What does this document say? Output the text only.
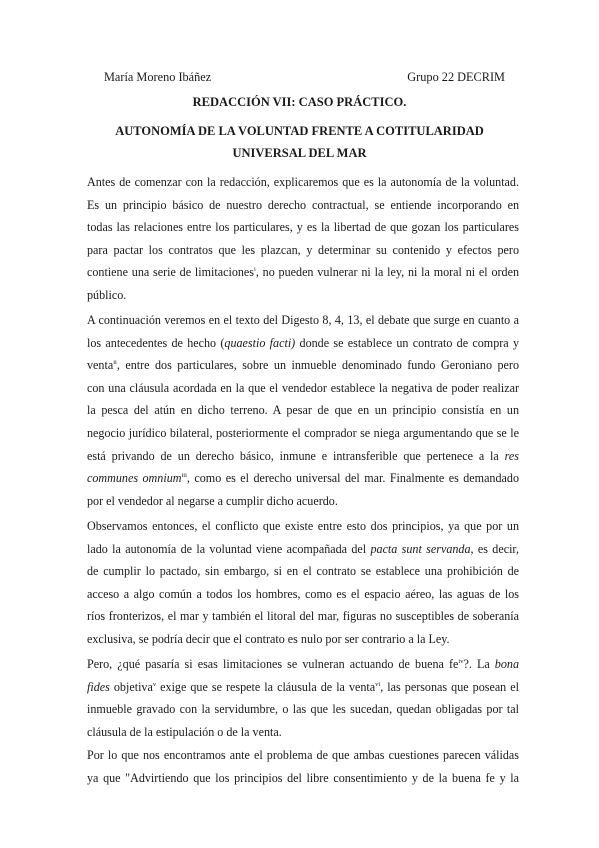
María Moreno Ibáñez	Grupo 22 DECRIM
REDACCIÓN VII: CASO PRÁCTICO.
AUTONOMÍA DE LA VOLUNTAD FRENTE A COTITULARIDAD
UNIVERSAL DEL MAR
Antes de comenzar con la redacción, explicaremos que es la autonomía de la voluntad.
Es un principio básico de nuestro derecho contractual, se entiende incorporando en
todas las relaciones entre los particulares, y es la libertad de que gozan los particulares
para pactar los contratos que les plazcan, y determinar su contenido y efectos pero
contiene una serie de limitaciones$^i$, no pueden vulnerar ni la ley, ni la moral ni el orden
público.
A continuación veremos en el texto del Digesto 8, 4, 13, el debate que surge en cuanto a
los antecedentes de hecho (quaestio facti) donde se establece un contrato de compra y
venta$^{ii}$, entre dos particulares, sobre un inmueble denominado fundo Geroniano pero
con una cláusula acordada en la que el vendedor establece la negativa de poder realizar
la pesca del atún en dicho terreno. A pesar de que en un principio consistía en un
negocio jurídico bilateral, posteriormente el comprador se niega argumentando que se le
está privando de un derecho básico, inmune e intransferible que pertenece a la res
communes omnium$^{iii}$, como es el derecho universal del mar. Finalmente es demandado
por el vendedor al negarse a cumplir dicho acuerdo.
Observamos entonces, el conflicto que existe entre esto dos principios, ya que por un
lado la autonomía de la voluntad viene acompañada del pacta sunt servanda, es decir,
de cumplir lo pactado, sin embargo, si en el contrato se establece una prohibición de
acceso a algo común a todos los hombres, como es el espacio aéreo, las aguas de los
ríos fronterizos, el mar y también el litoral del mar, figuras no susceptibles de soberanía
exclusiva, se podría decir que el contrato es nulo por ser contrario a la Ley.
Pero, ¿qué pasaría si esas limitaciones se vulneran actuando de buena $fe^{iv}$?. La bona
fides objetiva$^v$ exige que se respete la cláusula de la venta$^{vi}$, las personas que posean el
inmueble gravado con la servidumbre, o las que les sucedan, quedan obligadas por tal
cláusula de la estipulación o de la venta.
Por lo que nos encontramos ante el problema de que ambas cuestiones parecen válidas
ya que "Advirtiendo que los principios del libre consentimiento y de la buena fe y la
